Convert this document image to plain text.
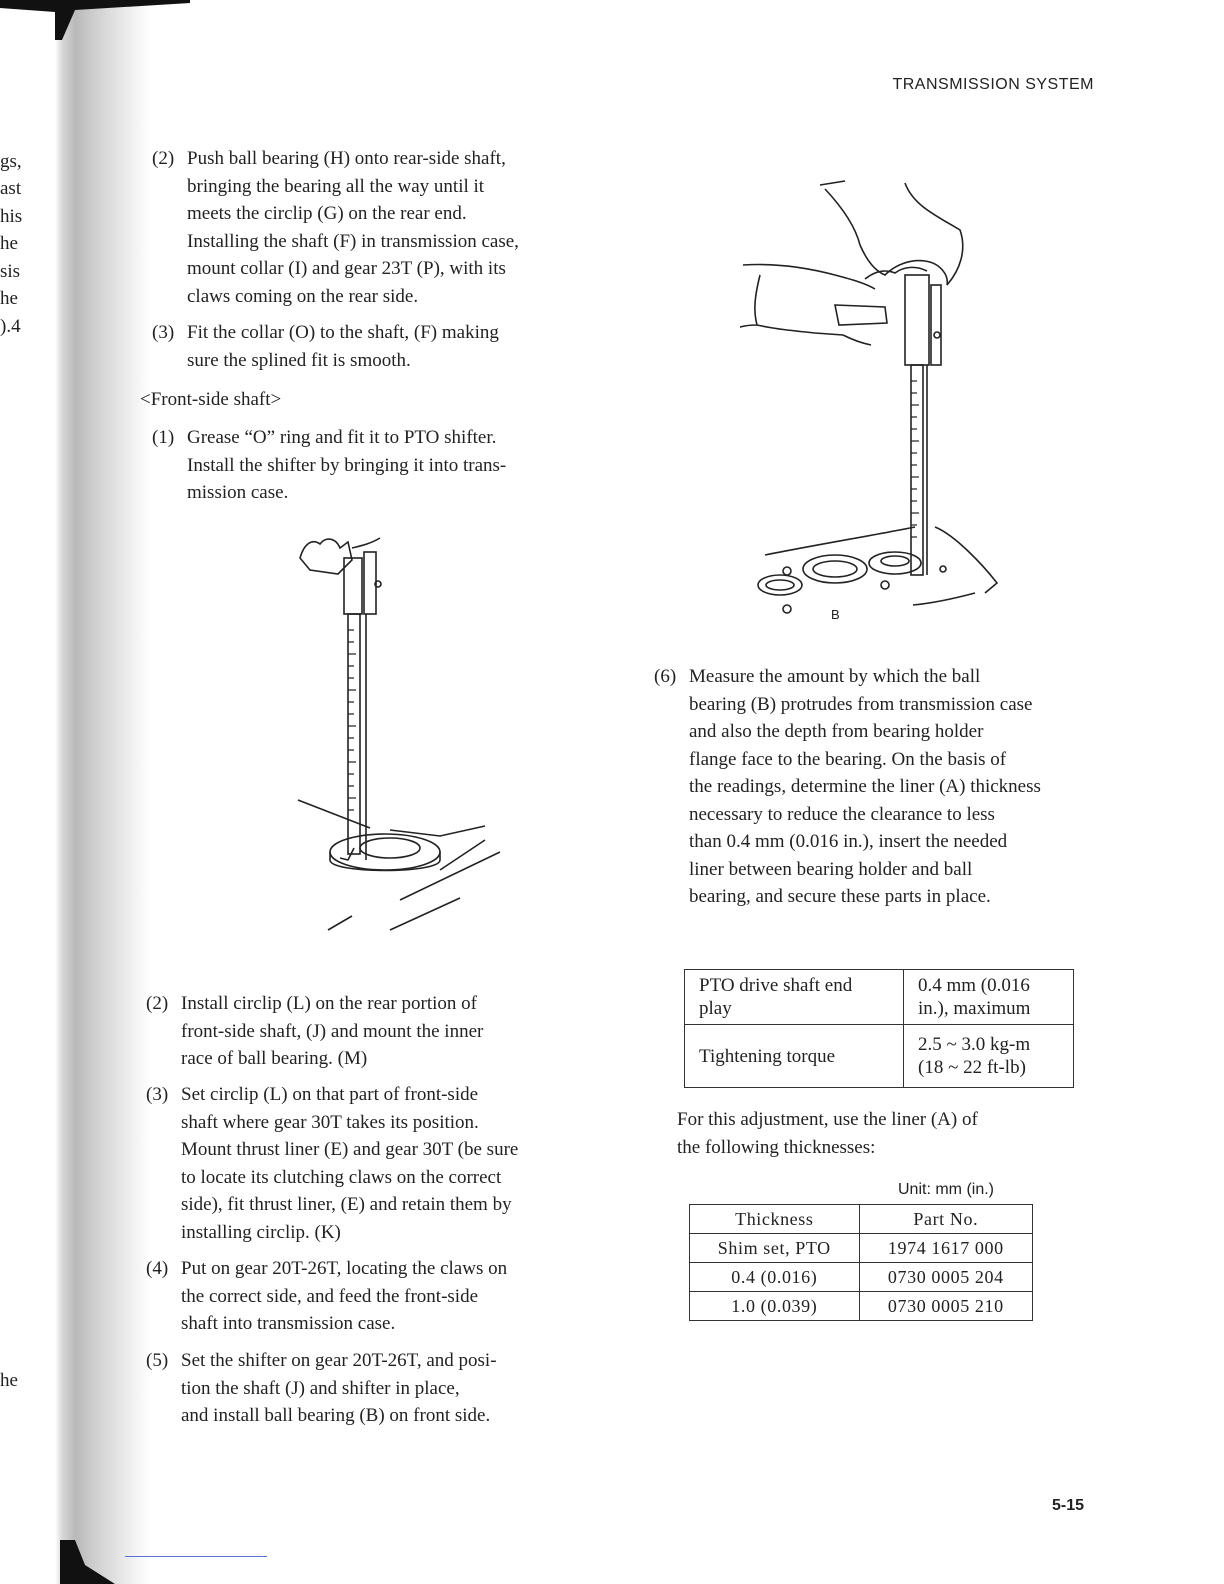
gs,
ast
his
he
sis
he
).4
he
TRANSMISSION SYSTEM
(2) Push ball bearing (H) onto rear-side shaft,
bringing the bearing all the way until it
meets the circlip (G) on the rear end.
Installing the shaft (F) in transmission case,
mount collar (I) and gear 23T (P), with its
claws coming on the rear side.
(3) Fit the collar (O) to the shaft, (F) making
sure the splined fit is smooth.
<Front-side shaft>
(1) Grease “O” ring and fit it to PTO shifter.
Install the shifter by bringing it into trans-
mission case.
(2) Install circlip (L) on the rear portion of
front-side shaft, (J) and mount the inner
race of ball bearing. (M)
(3) Set circlip (L) on that part of front-side
shaft where gear 30T takes its position.
Mount thrust liner (E) and gear 30T (be sure
to locate its clutching claws on the correct
side), fit thrust liner, (E) and retain them by
installing circlip. (K)
(4) Put on gear 20T-26T, locating the claws on
the correct side, and feed the front-side
shaft into transmission case.
(5) Set the shifter on gear 20T-26T, and posi-
tion the shaft (J) and shifter in place,
and install ball bearing (B) on front side.
B
(6) Measure the amount by which the ball
bearing (B) protrudes from transmission case
and also the depth from bearing holder
flange face to the bearing. On the basis of
the readings, determine the liner (A) thickness
necessary to reduce the clearance to less
than 0.4 mm (0.016 in.), insert the needed
liner between bearing holder and ball
bearing, and secure these parts in place.
PTO drive shaft end play	0.4 mm (0.016 in.), maximum
Tightening torque	2.5 ~ 3.0 kg-m (18 ~ 22 ft-lb)
For this adjustment, use the liner (A) of
the following thicknesses:
Unit: mm (in.)
Thickness	Part No.
Shim set, PTO	1974 1617 000
0.4 (0.016)	0730 0005 204
1.0 (0.039)	0730 0005 210
5-15
